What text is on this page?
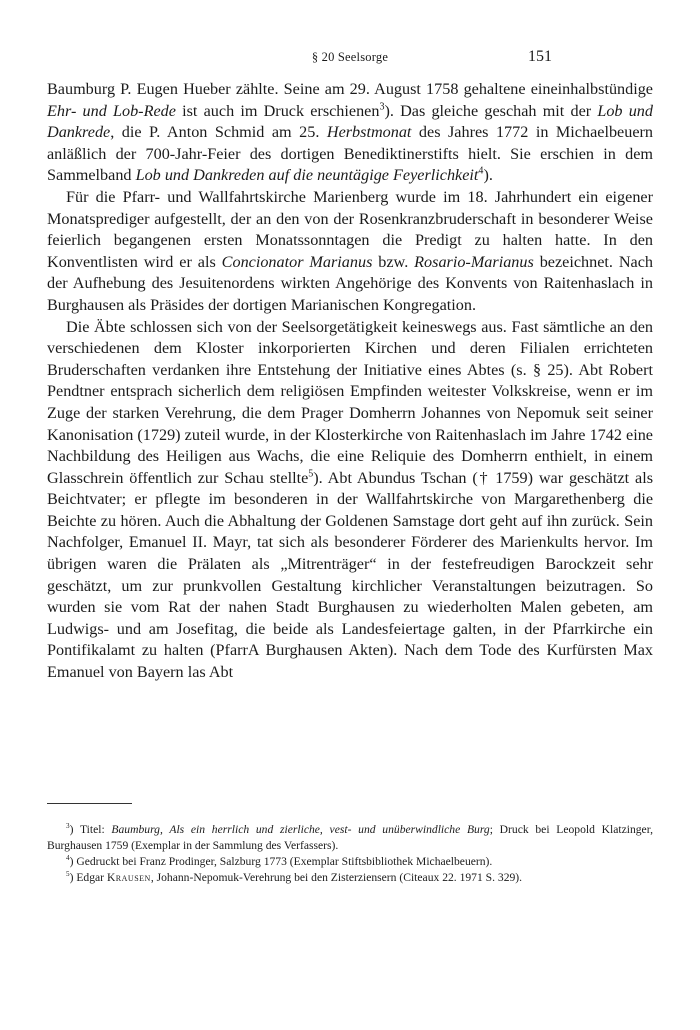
§ 20 Seelsorge	151

Baumburg P. Eugen Hueber zählte. Seine am 29. August 1758 gehaltene eineinhalbstündige Ehr- und Lob-Rede ist auch im Druck erschienen$^3$). Das gleiche geschah mit der Lob und Dankrede, die P. Anton Schmid am 25. Herbstmonat des Jahres 1772 in Michaelbeuern anläßlich der 700-Jahr-Feier des dortigen Benediktinerstifts hielt. Sie erschien in dem Sammelband Lob und Dankreden auf die neuntägige Feyerlichkeit$^4$).

Für die Pfarr- und Wallfahrtskirche Marienberg wurde im 18. Jahrhundert ein eigener Monatsprediger aufgestellt, der an den von der Rosenkranzbruderschaft in besonderer Weise feierlich begangenen ersten Monatssonntagen die Predigt zu halten hatte. In den Konventlisten wird er als Concionator Marianus bzw. Rosario-Marianus bezeichnet. Nach der Aufhebung des Jesuitenordens wirkten Angehörige des Konvents von Raitenhaslach in Burghausen als Präsides der dortigen Marianischen Kongregation.

Die Äbte schlossen sich von der Seelsorgetätigkeit keineswegs aus. Fast sämtliche an den verschiedenen dem Kloster inkorporierten Kirchen und deren Filialen errichteten Bruderschaften verdanken ihre Entstehung der Initiative eines Abtes (s. § 25). Abt Robert Pendtner entsprach sicherlich dem religiösen Empfinden weitester Volkskreise, wenn er im Zuge der starken Verehrung, die dem Prager Domherrn Johannes von Nepomuk seit seiner Kanonisation (1729) zuteil wurde, in der Klosterkirche von Raitenhaslach im Jahre 1742 eine Nachbildung des Heiligen aus Wachs, die eine Reliquie des Domherrn enthielt, in einem Glasschrein öffentlich zur Schau stellte$^5$). Abt Abundus Tschan († 1759) war geschätzt als Beichtvater; er pflegte im besonderen in der Wallfahrtskirche von Margarethenberg die Beichte zu hören. Auch die Abhaltung der Goldenen Samstage dort geht auf ihn zurück. Sein Nachfolger, Emanuel II. Mayr, tat sich als besonderer Förderer des Marienkults hervor. Im übrigen waren die Prälaten als „Mitrenträger“ in der festefreudigen Barockzeit sehr geschätzt, um zur prunkvollen Gestaltung kirchlicher Veranstaltungen beizutragen. So wurden sie vom Rat der nahen Stadt Burghausen zu wiederholten Malen gebeten, am Ludwigs- und am Josefitag, die beide als Landesfeiertage galten, in der Pfarrkirche ein Pontifikalamt zu halten (PfarrA Burghausen Akten). Nach dem Tode des Kurfürsten Max Emanuel von Bayern las Abt

$^3$) Titel: Baumburg, Als ein herrlich und zierliche, vest- und unüberwindliche Burg; Druck bei Leopold Klatzinger, Burghausen 1759 (Exemplar in der Sammlung des Verfassers).

$^4$) Gedruckt bei Franz Prodinger, Salzburg 1773 (Exemplar Stiftsbibliothek Michaelbeuern).

$^5$) Edgar Krausen, Johann-Nepomuk-Verehrung bei den Zisterziensern (Citeaux 22. 1971 S. 329).
